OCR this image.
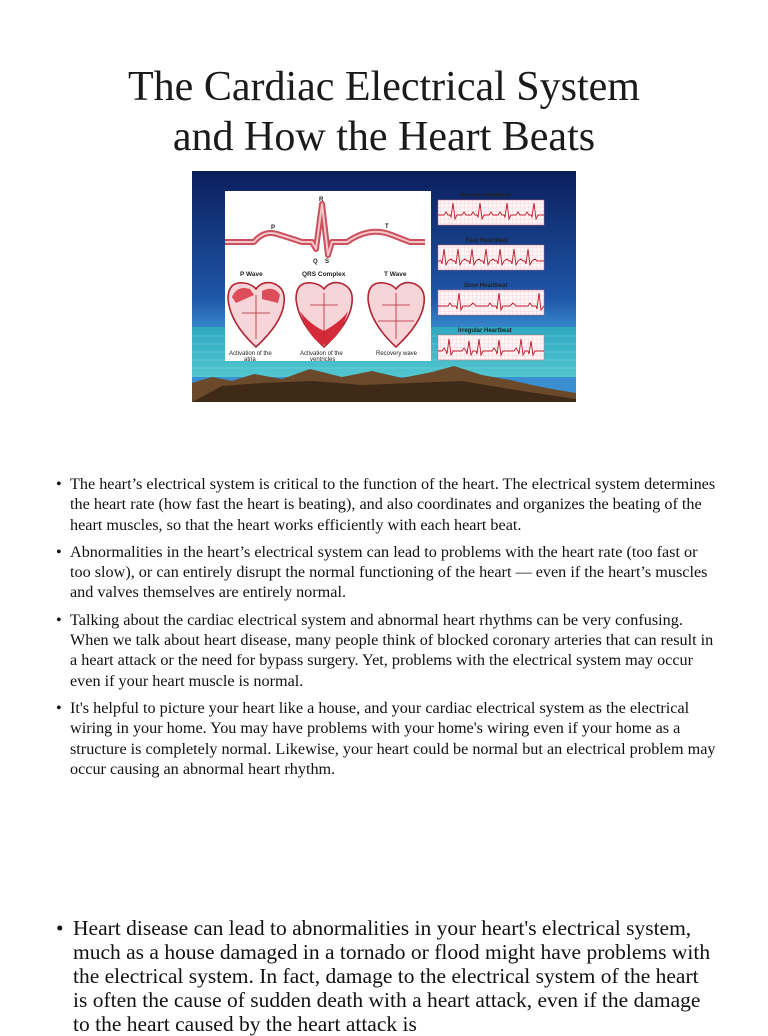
The Cardiac Electrical System
and How the Heart Beats
P
R
T
Q S
P Wave	QRS Complex	T Wave
Activation of the
atria
Activation of the
ventricles
Recovery wave
Normal Heartbeat
Fast Heartbeat
Slow Heartbeat
Irregular Heartbeat
• The heart’s electrical system is critical to the function of the heart. The electrical system determines the heart rate (how fast the heart is beating), and also coordinates and organizes the beating of the heart muscles, so that the heart works efficiently with each heart beat.
• Abnormalities in the heart’s electrical system can lead to problems with the heart rate (too fast or too slow), or can entirely disrupt the normal functioning of the heart — even if the heart’s muscles and valves themselves are entirely normal.
• Talking about the cardiac electrical system and abnormal heart rhythms can be very confusing. When we talk about heart disease, many people think of blocked coronary arteries that can result in a heart attack or the need for bypass surgery. Yet, problems with the electrical system may occur even if your heart muscle is normal.
• It's helpful to picture your heart like a house, and your cardiac electrical system as the electrical wiring in your home. You may have problems with your home's wiring even if your home as a structure is completely normal. Likewise, your heart could be normal but an electrical problem may occur causing an abnormal heart rhythm.
• Heart disease can lead to abnormalities in your heart's electrical system, much as a house damaged in a tornado or flood might have problems with the electrical system. In fact, damage to the electrical system of the heart is often the cause of sudden death with a heart attack, even if the damage to the heart caused by the heart attack is
